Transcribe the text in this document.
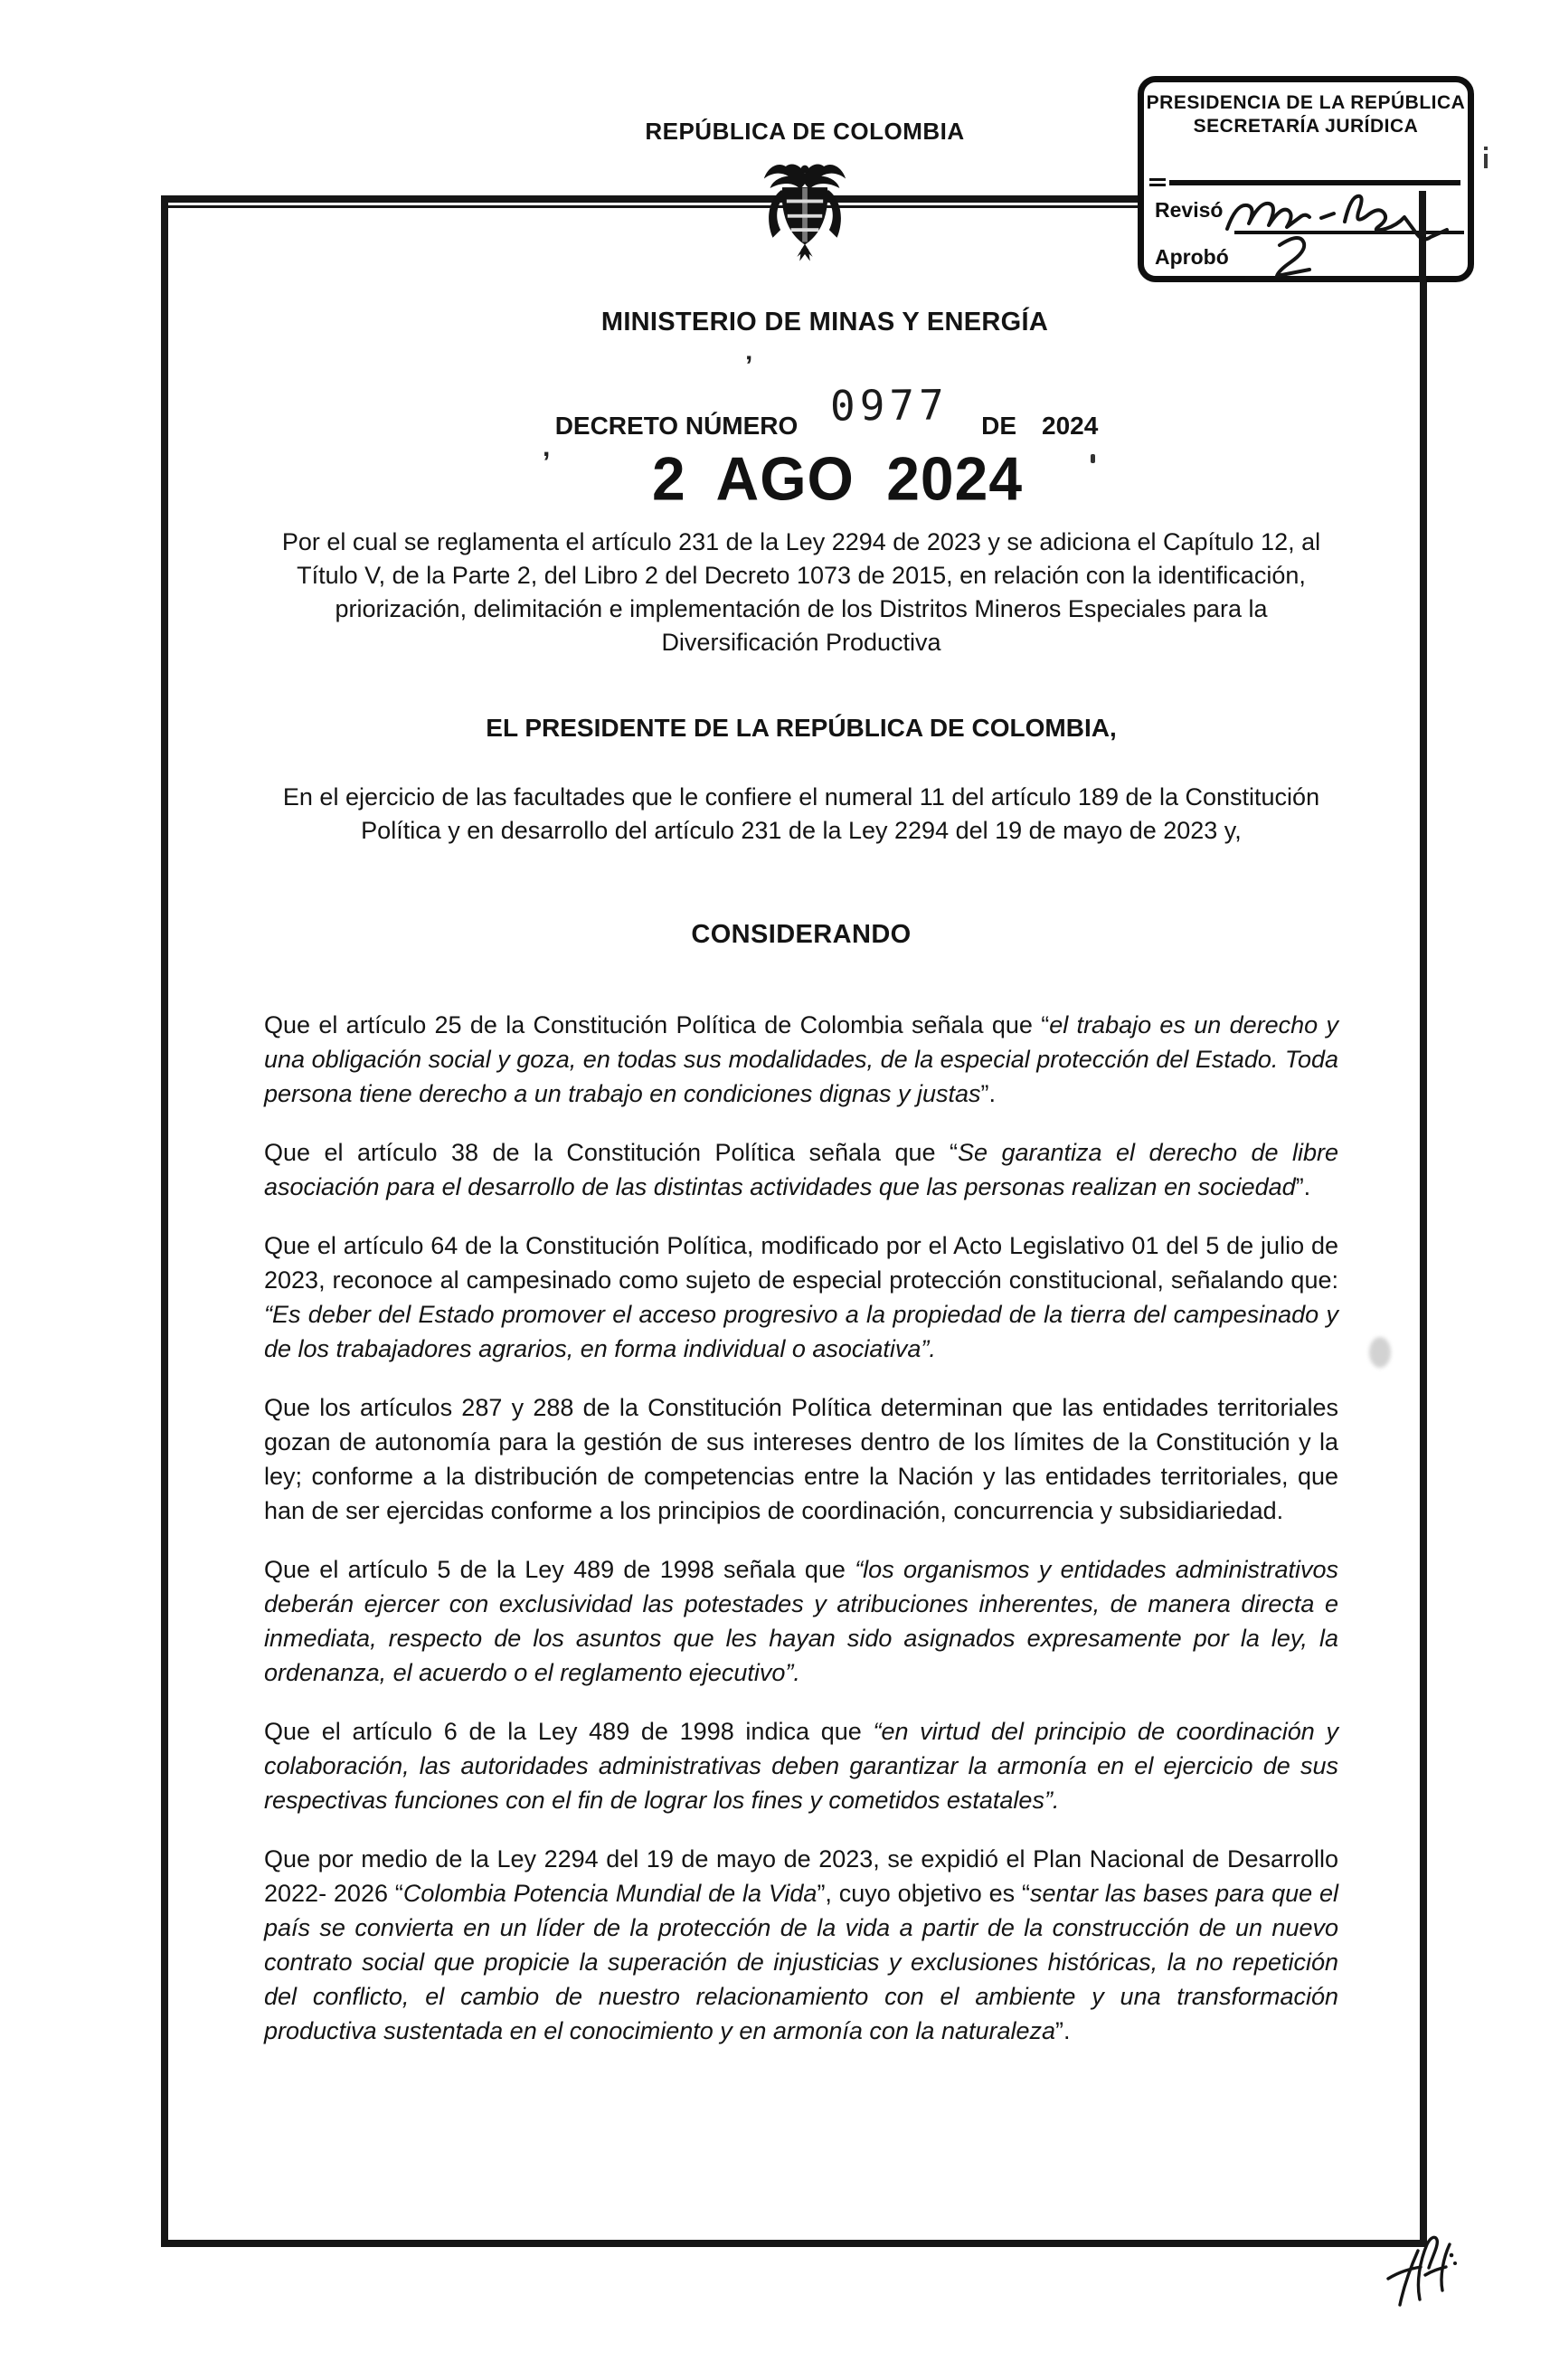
REPÚBLICA DE COLOMBIA
PRESIDENCIA DE LA REPÚBLICA
SECRETARÍA JURÍDICA
Revisó
Aprobó
’
,
MINISTERIO DE MINAS Y ENERGÍA
DECRETO NÚMERO 0977 DE 2024
2 AGO 2024

Por el cual se reglamenta el artículo 231 de la Ley 2294 de 2023 y se adiciona el Capítulo 12, al Título V, de la Parte 2, del Libro 2 del Decreto 1073 de 2015, en relación con la identificación, priorización, delimitación e implementación de los Distritos Mineros Especiales para la Diversificación Productiva

EL PRESIDENTE DE LA REPÚBLICA DE COLOMBIA,

En el ejercicio de las facultades que le confiere el numeral 11 del artículo 189 de la Constitución Política y en desarrollo del artículo 231 de la Ley 2294 del 19 de mayo de 2023 y,

CONSIDERANDO

Que el artículo 25 de la Constitución Política de Colombia señala que “el trabajo es un derecho y una obligación social y goza, en todas sus modalidades, de la especial protección del Estado. Toda persona tiene derecho a un trabajo en condiciones dignas y justas”.

Que el artículo 38 de la Constitución Política señala que “Se garantiza el derecho de libre asociación para el desarrollo de las distintas actividades que las personas realizan en sociedad”.

Que el artículo 64 de la Constitución Política, modificado por el Acto Legislativo 01 del 5 de julio de 2023, reconoce al campesinado como sujeto de especial protección constitucional, señalando que: “Es deber del Estado promover el acceso progresivo a la propiedad de la tierra del campesinado y de los trabajadores agrarios, en forma individual o asociativa”.

Que los artículos 287 y 288 de la Constitución Política determinan que las entidades territoriales gozan de autonomía para la gestión de sus intereses dentro de los límites de la Constitución y la ley; conforme a la distribución de competencias entre la Nación y las entidades territoriales, que han de ser ejercidas conforme a los principios de coordinación, concurrencia y subsidiariedad.

Que el artículo 5 de la Ley 489 de 1998 señala que “los organismos y entidades administrativos deberán ejercer con exclusividad las potestades y atribuciones inherentes, de manera directa e inmediata, respecto de los asuntos que les hayan sido asignados expresamente por la ley, la ordenanza, el acuerdo o el reglamento ejecutivo”.

Que el artículo 6 de la Ley 489 de 1998 indica que “en virtud del principio de coordinación y colaboración, las autoridades administrativas deben garantizar la armonía en el ejercicio de sus respectivas funciones con el fin de lograr los fines y cometidos estatales”.

Que por medio de la Ley 2294 del 19 de mayo de 2023, se expidió el Plan Nacional de Desarrollo 2022- 2026 “Colombia Potencia Mundial de la Vida”, cuyo objetivo es “sentar las bases para que el país se convierta en un líder de la protección de la vida a partir de la construcción de un nuevo contrato social que propicie la superación de injusticias y exclusiones históricas, la no repetición del conflicto, el cambio de nuestro relacionamiento con el ambiente y una transformación productiva sustentada en el conocimiento y en armonía con la naturaleza”.
